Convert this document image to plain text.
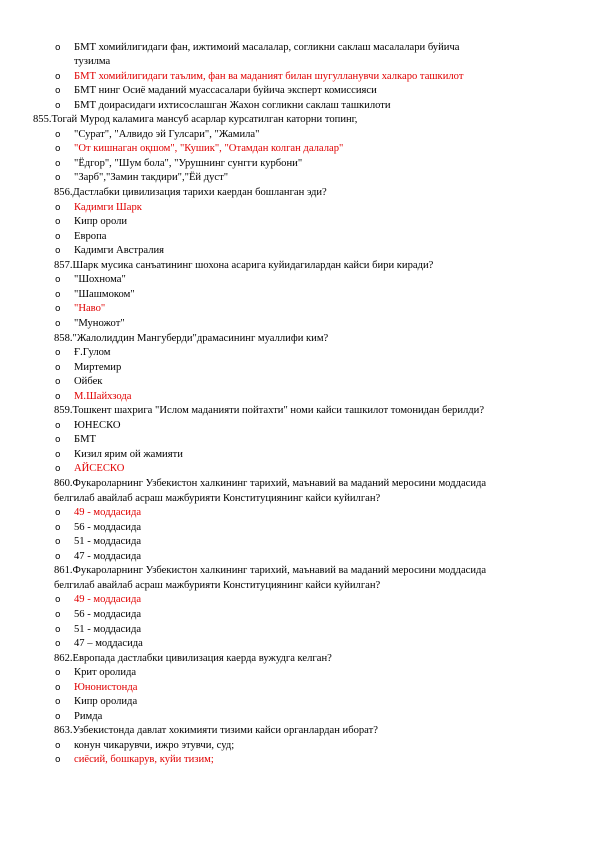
o БМТ хомийлигидаги фан, ижтимоий масалалар, согликни саклаш масалалари буйича
тузилма
o БМТ хомийлигидаги таълим, фан ва маданият билан шугулланувчи халкаро ташкилот
o БМТ нинг Осиё маданий муассасалари буйича эксперт комиссияси
o БМТ доирасидаги ихтисослашган Жахон согликни саклаш ташкилоти
855.Тогай Мурод каламига мансуб асарлар курсатилган каторни топинг,
o "Сурат", "Алвидо эй Гулсари", "Жамила"
o "От кишнаган оқшом", "Кушик", "Отамдан колган далалар"
o "Ёдгор", "Шум бола", "Урушнинг сунгги курбони"
o "Зарб","Замин такдири","Ёй дуст"
856.Дастлабки цивилизация тарихи каердан бошланган эди?
o Кадимги Шарк
o Кипр ороли
o Европа
o Кадимги Австралия
857.Шарк мусика санъатининг шохона асарига куйидагилардан кайси бири киради?
o "Шохнома"
o "Шашмоком"
o "Наво"
o "Муножот"
858."Жалолиддин Мангуберди"драмасининг муаллифи ким?
o Ғ.Гулом
o Миртемир
o Ойбек
o М.Шайхзода
859.Тошкент шахрига "Ислом маданияти пойтахти" номи кайси ташкилот томонидан берилди?
o ЮНЕСКО
o БМТ
o Кизил ярим ой жамияти
o АЙСЕСКО
860.Фукароларнинг Узбекистон халкининг тарихий, маънавий ва маданий меросини моддасида
белгилаб авайлаб асраш мажбурияти Конституциянинг кайси куйилган?
o 49 - моддасида
o 56 - моддасида
o 51 - моддасида
o 47 - моддасида
861.Фукароларнинг Узбекистон халкининг тарихий, маънавий ва маданий меросини моддасида
белгилаб авайлаб асраш мажбурияти Конституциянинг кайси куйилган?
o 49 - моддасида
o 56 - моддасида
o 51 - моддасида
o 47 – моддасида
862.Европада дастлабки цивилизация каерда вужудга келган?
o Крит оролида
o Юнонистонда
o Кипр оролида
o Римда
863.Узбекистонда давлат хокимияти тизими кайси органлардан иборат?
o конун чикарувчи, ижро этувчи, суд;
o сиёсий, бошкарув, куйи тизим;
